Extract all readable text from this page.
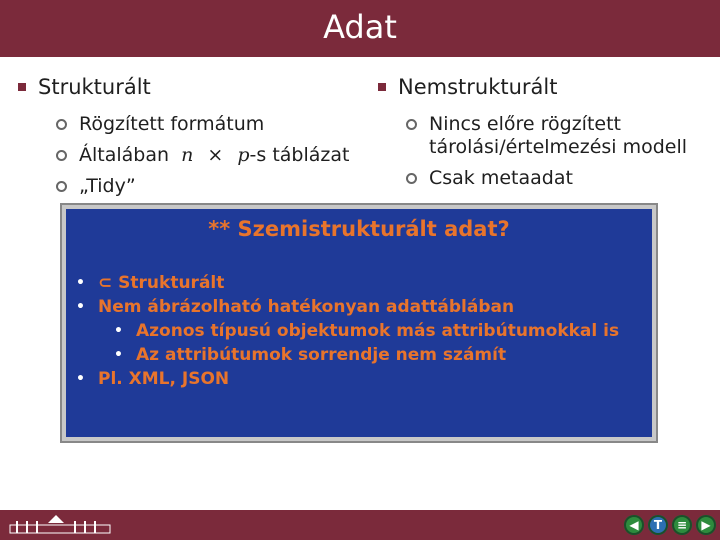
Adat
Strukturált
Rögzített formátum
Általában n × p-s táblázat
„Tidy”
Nemstrukturált
Nincs előre rögzített
tárolási/értelmezési modell
Csak metaadat
** Szemistrukturált adat?
• ⊂ Strukturált
• Nem ábrázolható hatékonyan adattáblában
• Azonos típusú objektumok más attribútumokkal is
• Az attribútumok sorrendje nem számít
• Pl. XML, JSON
◀	T	≡	▶
